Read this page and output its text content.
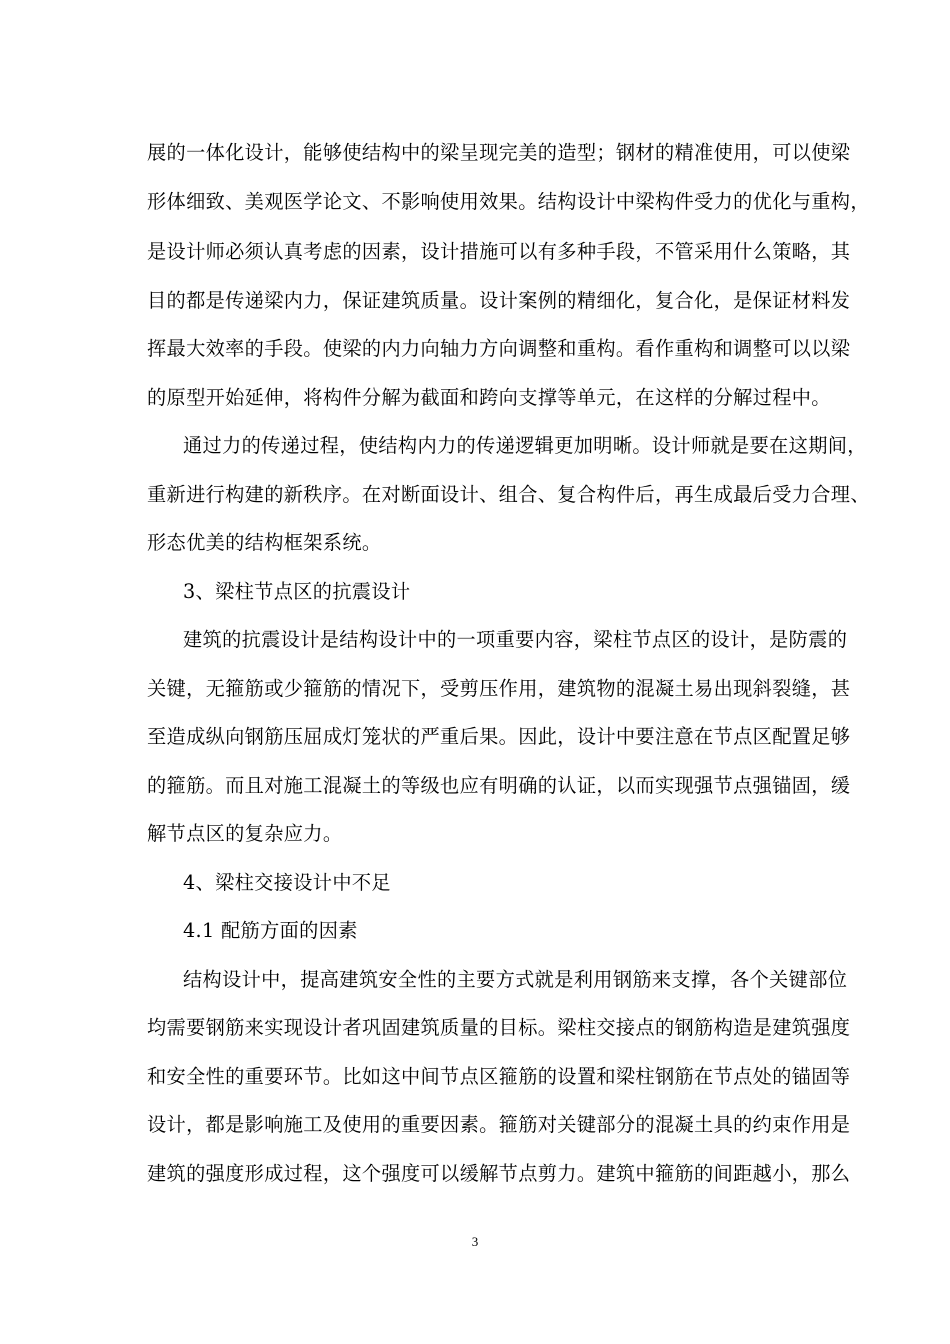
展的一体化设计，能够使结构中的梁呈现完美的造型；钢材的精准使用，可以使梁
形体细致、美观医学论文、不影响使用效果。结构设计中梁构件受力的优化与重构，
是设计师必须认真考虑的因素，设计措施可以有多种手段，不管采用什么策略，其
目的都是传递梁内力，保证建筑质量。设计案例的精细化，复合化，是保证材料发
挥最大效率的手段。使梁的内力向轴力方向调整和重构。看作重构和调整可以以梁
的原型开始延伸，将构件分解为截面和跨向支撑等单元，在这样的分解过程中。
通过力的传递过程，使结构内力的传递逻辑更加明晰。设计师就是要在这期间，
重新进行构建的新秩序。在对断面设计、组合、复合构件后，再生成最后受力合理、
形态优美的结构框架系统。
3、梁柱节点区的抗震设计
建筑的抗震设计是结构设计中的一项重要内容，梁柱节点区的设计，是防震的
关键，无箍筋或少箍筋的情况下，受剪压作用，建筑物的混凝土易出现斜裂缝，甚
至造成纵向钢筋压屈成灯笼状的严重后果。因此，设计中要注意在节点区配置足够
的箍筋。而且对施工混凝土的等级也应有明确的认证，以而实现强节点强锚固，缓
解节点区的复杂应力。
4、梁柱交接设计中不足
4.1 配筋方面的因素
结构设计中，提高建筑安全性的主要方式就是利用钢筋来支撑，各个关键部位
均需要钢筋来实现设计者巩固建筑质量的目标。梁柱交接点的钢筋构造是建筑强度
和安全性的重要环节。比如这中间节点区箍筋的设置和梁柱钢筋在节点处的锚固等
设计，都是影响施工及使用的重要因素。箍筋对关键部分的混凝土具的约束作用是
建筑的强度形成过程，这个强度可以缓解节点剪力。建筑中箍筋的间距越小，那么
3
